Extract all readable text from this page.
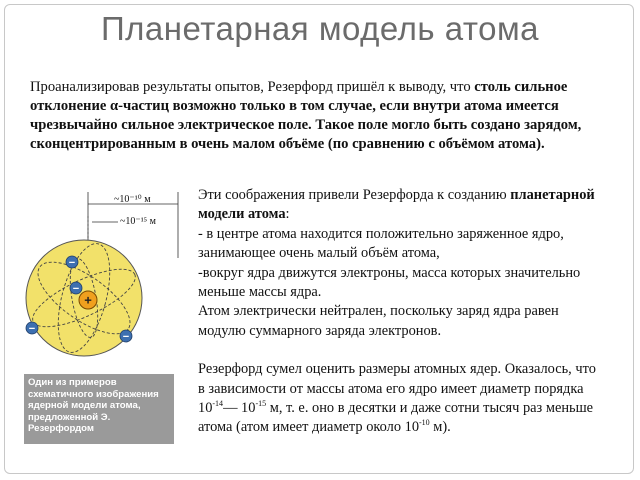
Планетарная модель атома
Проанализировав результаты опытов, Резерфорд пришёл к выводу, что столь сильное отклонение α-частиц возможно только в том случае, если внутри атома имеется чрезвычайно сильное электрическое поле. Такое поле могло быть создано зарядом, сконцентрированным в очень малом объёме (по сравнению с объёмом атома).
~10⁻¹⁰ м
~10⁻¹⁵ м
+
−
−
−
−
Один из примеров схематичного изображения ядерной модели атома, предложенной Э. Резерфордом

Эти соображения привели Резерфорда к созданию планетарной модели атома:

- в центре атома находится положительно заряженное ядро, занимающее очень малый объём атома,

-вокруг ядра движутся электроны, масса которых значительно меньше массы ядра.

Атом электрически нейтрален, поскольку заряд ядра равен модулю суммарного заряда электронов.

Резерфорд сумел оценить размеры атомных ядер. Оказалось, что в зависимости от массы атома его ядро имеет диаметр порядка $10^{-14}—$ $10^{-15}$ м, т. е. оно в десятки и даже сотни тысяч раз меньше атома (атом имеет диаметр около $10^{-10}$ м).
